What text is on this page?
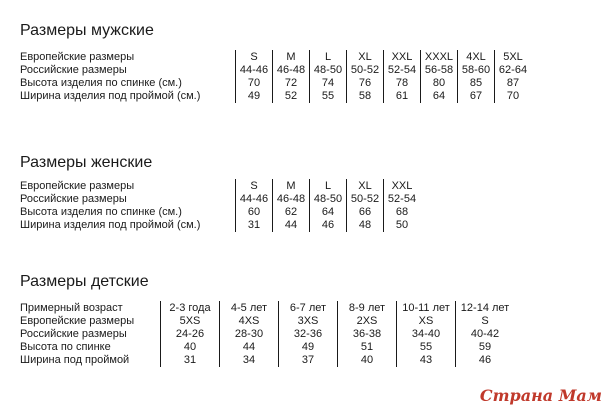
Размеры мужские
Европейские размеры	S	M	L	XL	XXL	XXXL	4XL	5XL
Российские размеры	44-46	46-48	48-50	50-52	52-54	56-58	58-60	62-64
Высота изделия по спинке (см.)	70	72	74	76	78	80	85	87
Ширина изделия под проймой (см.)	49	52	55	58	61	64	67	70
Размеры женские
Европейские размеры	S	M	L	XL	XXL
Российские размеры	44-46	46-48	48-50	50-52	52-54
Высота изделия по спинке (см.)	60	62	64	66	68
Ширина изделия под проймой (см.)	31	44	46	48	50
Размеры детские
Примерный возраст	2-3 года	4-5 лет	6-7 лет	8-9 лет	10-11 лет	12-14 лет
Европейские размеры	5XS	4XS	3XS	2XS	XS	S
Российские размеры	24-26	28-30	32-36	36-38	34-40	40-42
Высота по спинке	40	44	49	51	55	59
Ширина под проймой	31	34	37	40	43	46
Страна Мам
